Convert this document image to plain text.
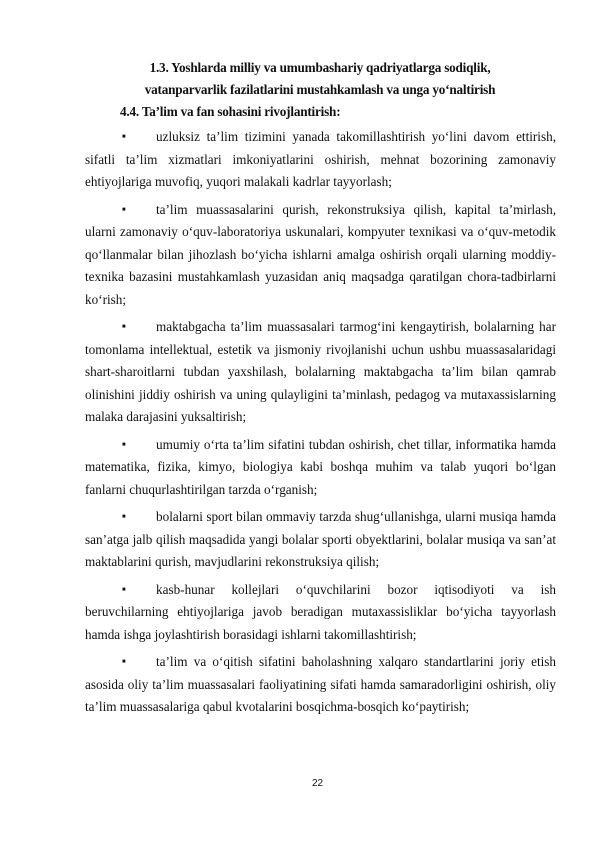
1.3. Yoshlarda milliy va umumbashariy qadriyatlarga sodiqlik,
vatanparvarlik fazilatlarini mustahkamlash va unga yo‘naltirish
4.4. Ta’lim va fan sohasini rivojlantirish:
■	uzluksiz ta’lim tizimini yanada takomillashtirish yo‘lini davom ettirish, sifatli ta’lim xizmatlari imkoniyatlarini oshirish, mehnat bozorining zamonaviy ehtiyojlariga muvofiq, yuqori malakali kadrlar tayyorlash;
■	ta’lim muassasalarini qurish, rekonstruksiya qilish, kapital ta’mirlash, ularni zamonaviy o‘quv-laboratoriya uskunalari, kompyuter texnikasi va o‘quv-metodik qo‘llanmalar bilan jihozlash bo‘yicha ishlarni amalga oshirish orqali ularning moddiy-texnika bazasini mustahkamlash yuzasidan aniq maqsadga qaratilgan chora-tadbirlarni ko‘rish;
■	maktabgacha ta’lim muassasalari tarmog‘ini kengaytirish, bolalarning har tomonlama intellektual, estetik va jismoniy rivojlanishi uchun ushbu muassasalaridagi shart-sharoitlarni tubdan yaxshilash, bolalarning maktabgacha ta’lim bilan qamrab olinishini jiddiy oshirish va uning qulayligini ta’minlash, pedagog va mutaxassislarning malaka darajasini yuksaltirish;
■	umumiy o‘rta ta’lim sifatini tubdan oshirish, chet tillar, informatika hamda matematika, fizika, kimyo, biologiya kabi boshqa muhim va talab yuqori bo‘lgan fanlarni chuqurlashtirilgan tarzda o‘rganish;
■	bolalarni sport bilan ommaviy tarzda shug‘ullanishga, ularni musiqa hamda san’atga jalb qilish maqsadida yangi bolalar sporti obyektlarini, bolalar musiqa va san’at maktablarini qurish, mavjudlarini rekonstruksiya qilish;
■	kasb-hunar kollejlari o‘quvchilarini bozor iqtisodiyoti va ish beruvchilarning ehtiyojlariga javob beradigan mutaxassisliklar bo‘yicha tayyorlash hamda ishga joylashtirish borasidagi ishlarni takomillashtirish;
■	ta’lim va o‘qitish sifatini baholashning xalqaro standartlarini joriy etish asosida oliy ta’lim muassasalari faoliyatining sifati hamda samaradorligini oshirish, oliy ta’lim muassasalariga qabul kvotalarini bosqichma-bosqich ko‘paytirish;
22
